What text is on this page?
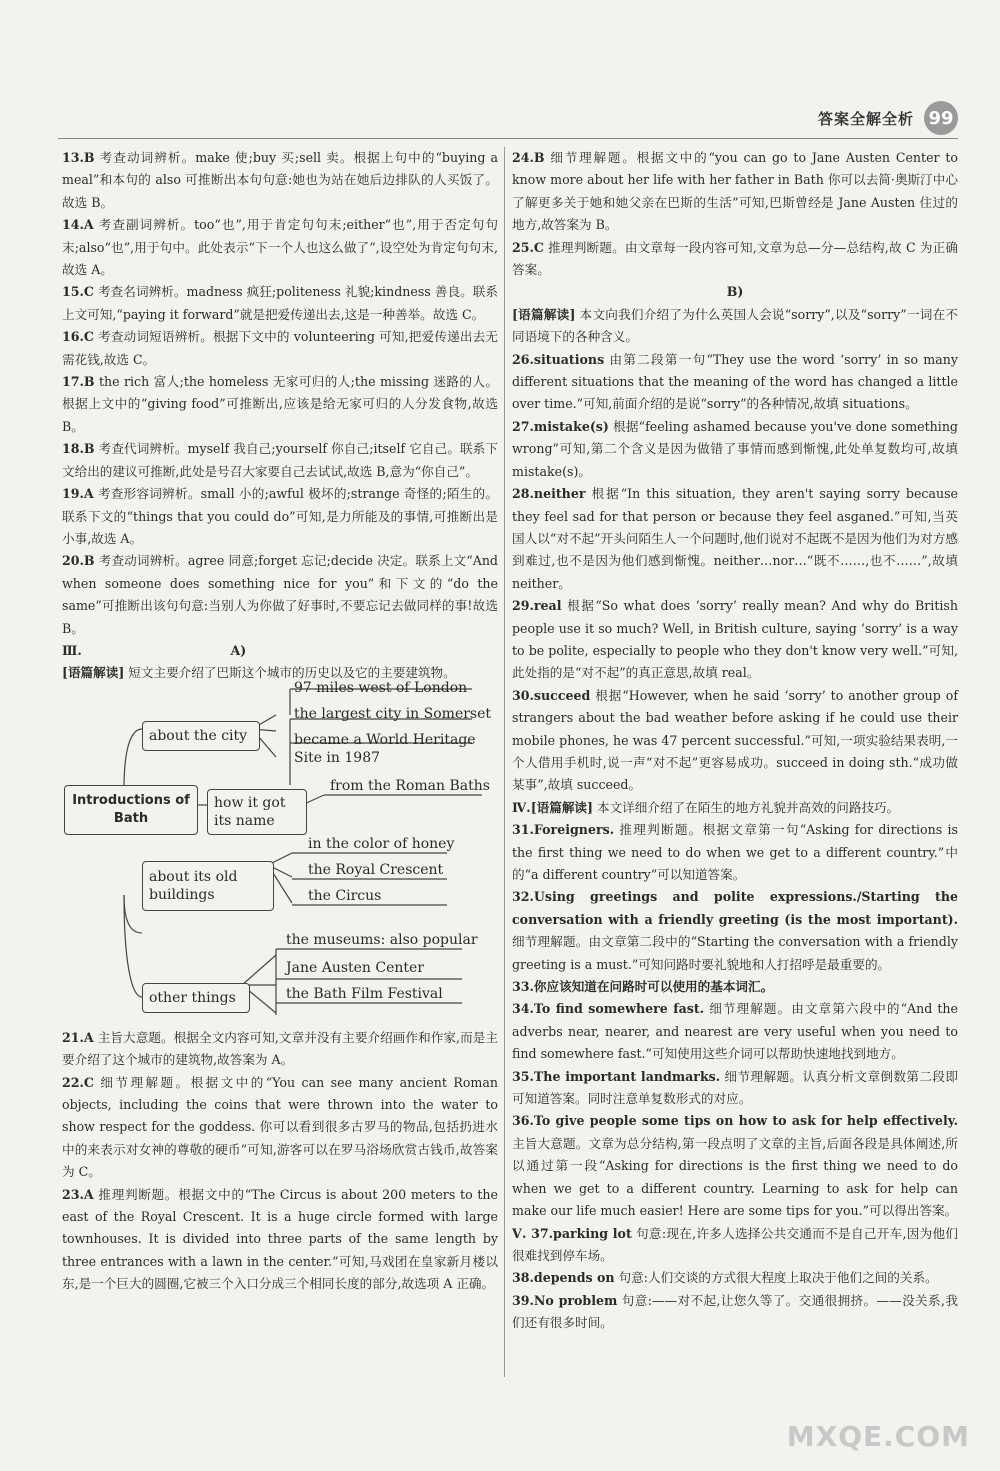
答案全解全析 99

13.B 考查动词辨析。make 使;buy 买;sell 卖。根据上句中的“buying a meal”和本句的 also 可推断出本句句意:她也为站在她后边排队的人买饭了。故选 B。

14.A 考查副词辨析。too“也”,用于肯定句句末;either“也”,用于否定句句末;also“也”,用于句中。此处表示“下一个人也这么做了”,设空处为肯定句句末,故选 A。

15.C 考查名词辨析。madness 疯狂;politeness 礼貌;kindness 善良。联系上文可知,“paying it forward”就是把爱传递出去,这是一种善举。故选 C。

16.C 考查动词短语辨析。根据下文中的 volunteering 可知,把爱传递出去无需花钱,故选 C。

17.B the rich 富人;the homeless 无家可归的人;the missing 迷路的人。根据上文中的“giving food”可推断出,应该是给无家可归的人分发食物,故选 B。

18.B 考查代词辨析。myself 我自己;yourself 你自己;itself 它自己。联系下文给出的建议可推断,此处是号召大家要自己去试试,故选 B,意为“你自己”。

19.A 考查形容词辨析。small 小的;awful 极坏的;strange 奇怪的;陌生的。联系下文的“things that you could do”可知,是力所能及的事情,可推断出是小事,故选 A。

20.B 考查动词辨析。agree 同意;forget 忘记;decide 决定。联系上文“And when someone does something nice for you”和下文的“do the same”可推断出该句句意:当别人为你做了好事时,不要忘记去做同样的事!故选 B。

Ⅲ.	A)

[语篇解读] 短文主要介绍了巴斯这个城市的历史以及它的主要建筑物。

Introductions of Bath
about the city
how it got its name
about its old buildings
other things
97 miles west of London
the largest city in Somerset
became a World Heritage
Site in 1987
from the Roman Baths
in the color of honey
the Royal Crescent
the Circus
the museums: also popular
Jane Austen Center
the Bath Film Festival

21.A 主旨大意题。根据全文内容可知,文章并没有主要介绍画作和作家,而是主要介绍了这个城市的建筑物,故答案为 A。

22.C 细节理解题。根据文中的“You can see many ancient Roman objects, including the coins that were thrown into the water to show respect for the goddess. 你可以看到很多古罗马的物品,包括扔进水中的来表示对女神的尊敬的硬币”可知,游客可以在罗马浴场欣赏古钱币,故答案为 C。

23.A 推理判断题。根据文中的“The Circus is about 200 meters to the east of the Royal Crescent. It is a huge circle formed with large townhouses. It is divided into three parts of the same length by three entrances with a lawn in the center.”可知,马戏团在皇家新月楼以东,是一个巨大的圆圈,它被三个入口分成三个相同长度的部分,故选项 A 正确。

24.B 细节理解题。根据文中的“you can go to Jane Austen Center to know more about her life with her father in Bath 你可以去简·奥斯汀中心了解更多关于她和她父亲在巴斯的生活”可知,巴斯曾经是 Jane Austen 住过的地方,故答案为 B。

25.C 推理判断题。由文章每一段内容可知,文章为总—分—总结构,故 C 为正确答案。

B)

[语篇解读] 本文向我们介绍了为什么英国人会说“sorry”,以及“sorry”一词在不同语境下的各种含义。

26.situations 由第二段第一句“They use the word ‘sorry’ in so many different situations that the meaning of the word has changed a little over time.”可知,前面介绍的是说“sorry”的各种情况,故填 situations。

27.mistake(s) 根据“feeling ashamed because you've done something wrong”可知,第二个含义是因为做错了事情而感到惭愧,此处单复数均可,故填 mistake(s)。

28.neither 根据“In this situation, they aren't saying sorry because they feel sad for that person or because they feel asganed.”可知,当英国人以“对不起”开头问陌生人一个问题时,他们说对不起既不是因为他们为对方感到难过,也不是因为他们感到惭愧。neither…nor…“既不……,也不……”,故填 neither。

29.real 根据“So what does ‘sorry’ really mean? And why do British people use it so much? Well, in British culture, saying ‘sorry’ is a way to be polite, especially to people who they don't know very well.”可知,此处指的是“对不起”的真正意思,故填 real。

30.succeed 根据“However, when he said ‘sorry’ to another group of strangers about the bad weather before asking if he could use their mobile phones, he was 47 percent successful.”可知,一项实验结果表明,一个人借用手机时,说一声“对不起”更容易成功。succeed in doing sth.“成功做某事”,故填 succeed。

Ⅳ.[语篇解读] 本文详细介绍了在陌生的地方礼貌并高效的问路技巧。

31.Foreigners. 推理判断题。根据文章第一句“Asking for directions is the first thing we need to do when we get to a different country.”中的“a different country”可以知道答案。

32.Using greetings and polite expressions./Starting the conversation with a friendly greeting (is the most important). 细节理解题。由文章第二段中的“Starting the conversation with a friendly greeting is a must.”可知问路时要礼貌地和人打招呼是最重要的。

33.你应该知道在问路时可以使用的基本词汇。

34.To find somewhere fast. 细节理解题。由文章第六段中的“And the adverbs near, nearer, and nearest are very useful when you need to find somewhere fast.”可知使用这些介词可以帮助快速地找到地方。

35.The important landmarks. 细节理解题。认真分析文章倒数第二段即可知道答案。同时注意单复数形式的对应。

36.To give people some tips on how to ask for help effectively. 主旨大意题。文章为总分结构,第一段点明了文章的主旨,后面各段是具体阐述,所以通过第一段“Asking for directions is the first thing we need to do when we get to a different country. Learning to ask for help can make our life much easier! Here are some tips for you.”可以得出答案。

Ⅴ. 37.parking lot 句意:现在,许多人选择公共交通而不是自己开车,因为他们很难找到停车场。

38.depends on 句意:人们交谈的方式很大程度上取决于他们之间的关系。

39.No problem 句意:——对不起,让您久等了。交通很拥挤。——没关系,我们还有很多时间。

MXQE.COM
